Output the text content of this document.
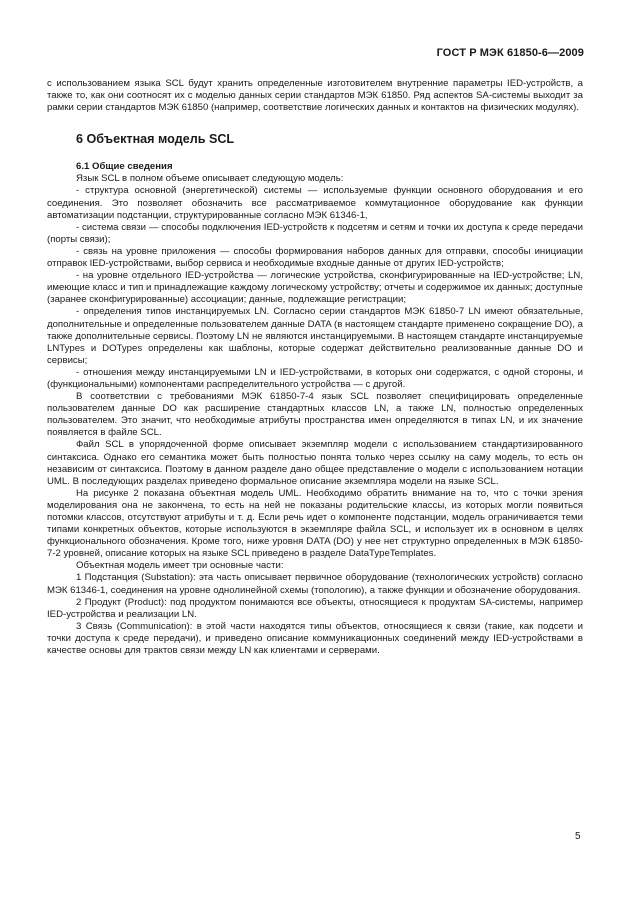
ГОСТ Р МЭК 61850-6—2009

с использованием языка SCL будут хранить определенные изготовителем внутренние параметры IED-устройств, а также то, как они соотносят их с моделью данных серии стандартов МЭК 61850. Ряд аспектов SA-системы выходит за рамки серии стандартов МЭК 61850 (например, соответствие логических данных и контактов на физических модулях).

6 Объектная модель SCL

6.1 Общие сведения

Язык SCL в полном объеме описывает следующую модель:

- структура основной (энергетической) системы — используемые функции основного оборудования и его соединения. Это позволяет обозначить все рассматриваемое коммутационное оборудование как функции автоматизации подстанции, структурированные согласно МЭК 61346-1,

- система связи — способы подключения IED-устройств к подсетям и сетям и точки их доступа к среде передачи (порты связи);

- связь на уровне приложения — способы формирования наборов данных для отправки, способы инициации отправок IED-устройствами, выбор сервиса и необходимые входные данные от других IED-устройств;

- на уровне отдельного IED-устройства — логические устройства, сконфигурированные на IED-устройстве; LN, имеющие класс и тип и принадлежащие каждому логическому устройству; отчеты и содержимое их данных; доступные (заранее сконфигурированные) ассоциации; данные, подлежащие регистрации;

- определения типов инстанцируемых LN. Согласно серии стандартов МЭК 61850-7 LN имеют обязательные, дополнительные и определенные пользователем данные DATA (в настоящем стандарте применено сокращение DO), а также дополнительные сервисы. Поэтому LN не являются инстанцируемыми. В настоящем стандарте инстанцируемые LNTypes и DOTypes определены как шаблоны, которые содержат действительно реализованные данные DO и сервисы;

- отношения между инстанцируемыми LN и IED-устройствами, в которых они содержатся, с одной стороны, и (функциональными) компонентами распределительного устройства — с другой.

В соответствии с требованиями МЭК 61850-7-4 язык SCL позволяет специфицировать определенные пользователем данные DO как расширение стандартных классов LN, а также LN, полностью определенных пользователем. Это значит, что необходимые атрибуты пространства имен определяются в типах LN, и их значение появляется в файле SCL.

Файл SCL в упорядоченной форме описывает экземпляр модели с использованием стандартизированного синтаксиса. Однако его семантика может быть полностью понята только через ссылку на саму модель, то есть он независим от синтаксиса. Поэтому в данном разделе дано общее представление о модели с использованием нотации UML. В последующих разделах приведено формальное описание экземпляра модели на языке SCL.

На рисунке 2 показана объектная модель UML. Необходимо обратить внимание на то, что с точки зрения моделирования она не закончена, то есть на ней не показаны родительские классы, из которых могли появиться потомки классов, отсутствуют атрибуты и т. д. Если речь идет о компоненте подстанции, модель ограничивается теми типами конкретных объектов, которые используются в экземпляре файла SCL, и использует их в основном в целях функционального обозначения. Кроме того, ниже уровня DATA (DO) у нее нет структурно определенных в МЭК 61850-7-2 уровней, описание которых на языке SCL приведено в разделе DataTypeTemplates.

Объектная модель имеет три основные части:

1 Подстанция (Substation): эта часть описывает первичное оборудование (технологических устройств) согласно МЭК 61346-1, соединения на уровне однолинейной схемы (топологию), а также функции и обозначение оборудования.

2 Продукт (Product): под продуктом понимаются все объекты, относящиеся к продуктам SA-системы, например IED-устройства и реализации LN.

3 Связь (Communication): в этой части находятся типы объектов, относящиеся к связи (такие, как подсети и точки доступа к среде передачи), и приведено описание коммуникационных соединений между IED-устройствами в качестве основы для трактов связи между LN как клиентами и серверами.

5
